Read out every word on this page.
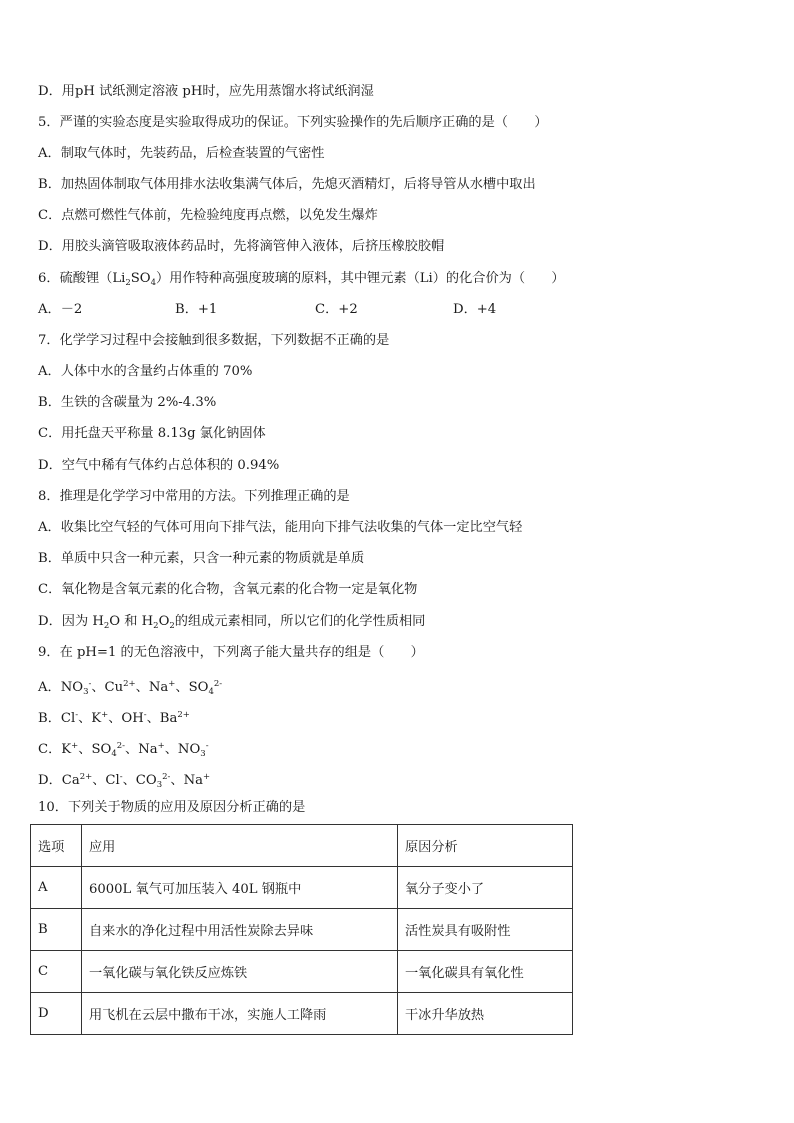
D．用pH 试纸测定溶液 pH时，应先用蒸馏水将试纸润湿
5．严谨的实验态度是实验取得成功的保证。下列实验操作的先后顺序正确的是（　　）
A．制取气体时，先装药品，后检查装置的气密性
B．加热固体制取气体用排水法收集满气体后，先熄灭酒精灯，后将导管从水槽中取出
C．点燃可燃性气体前，先检验纯度再点燃，以免发生爆炸
D．用胶头滴管吸取液体药品时，先将滴管伸入液体，后挤压橡胶胶帽
6．硫酸锂$(Li_2SO_4)$用作特种高强度玻璃的原料，其中锂元素（Li）的化合价为（　　）
A．－2	B．+1	C．+2	D．+4
7．化学学习过程中会接触到很多数据，下列数据不正确的是
A．人体中水的含量约占体重的 70%
B．生铁的含碳量为 2%-4.3%
C．用托盘天平称量 8.13g 氯化钠固体
D．空气中稀有气体约占总体积的 0.94%
8．推理是化学学习中常用的方法。下列推理正确的是
A．收集比空气轻的气体可用向下排气法，能用向下排气法收集的气体一定比空气轻
B．单质中只含一种元素，只含一种元素的物质就是单质
C．氧化物是含氧元素的化合物，含氧元素的化合物一定是氧化物
D．因为 $H_2O$ 和 $H_2O_2$的组成元素相同，所以它们的化学性质相同
9．在 pH=1 的无色溶液中，下列离子能大量共存的组是（　　）
A．$NO_3^-$、$Cu^{2+}$、Na+、$SO_4^{2-}$
B．Cl-、K+、OH-、$Ba^{2+}$
C．K+、$SO_4^{2-}$、Na+、$NO_3^-$
D．$Ca^{2+}$、Cl-、$CO_3^{2-}$、Na+
10．下列关于物质的应用及原因分析正确的是
选项	应用	原因分析
A	6000L 氧气可加压装入 40L 钢瓶中	氧分子变小了
B	自来水的净化过程中用活性炭除去异味	活性炭具有吸附性
C	一氧化碳与氧化铁反应炼铁	一氧化碳具有氧化性
D	用飞机在云层中撒布干冰，实施人工降雨	干冰升华放热
